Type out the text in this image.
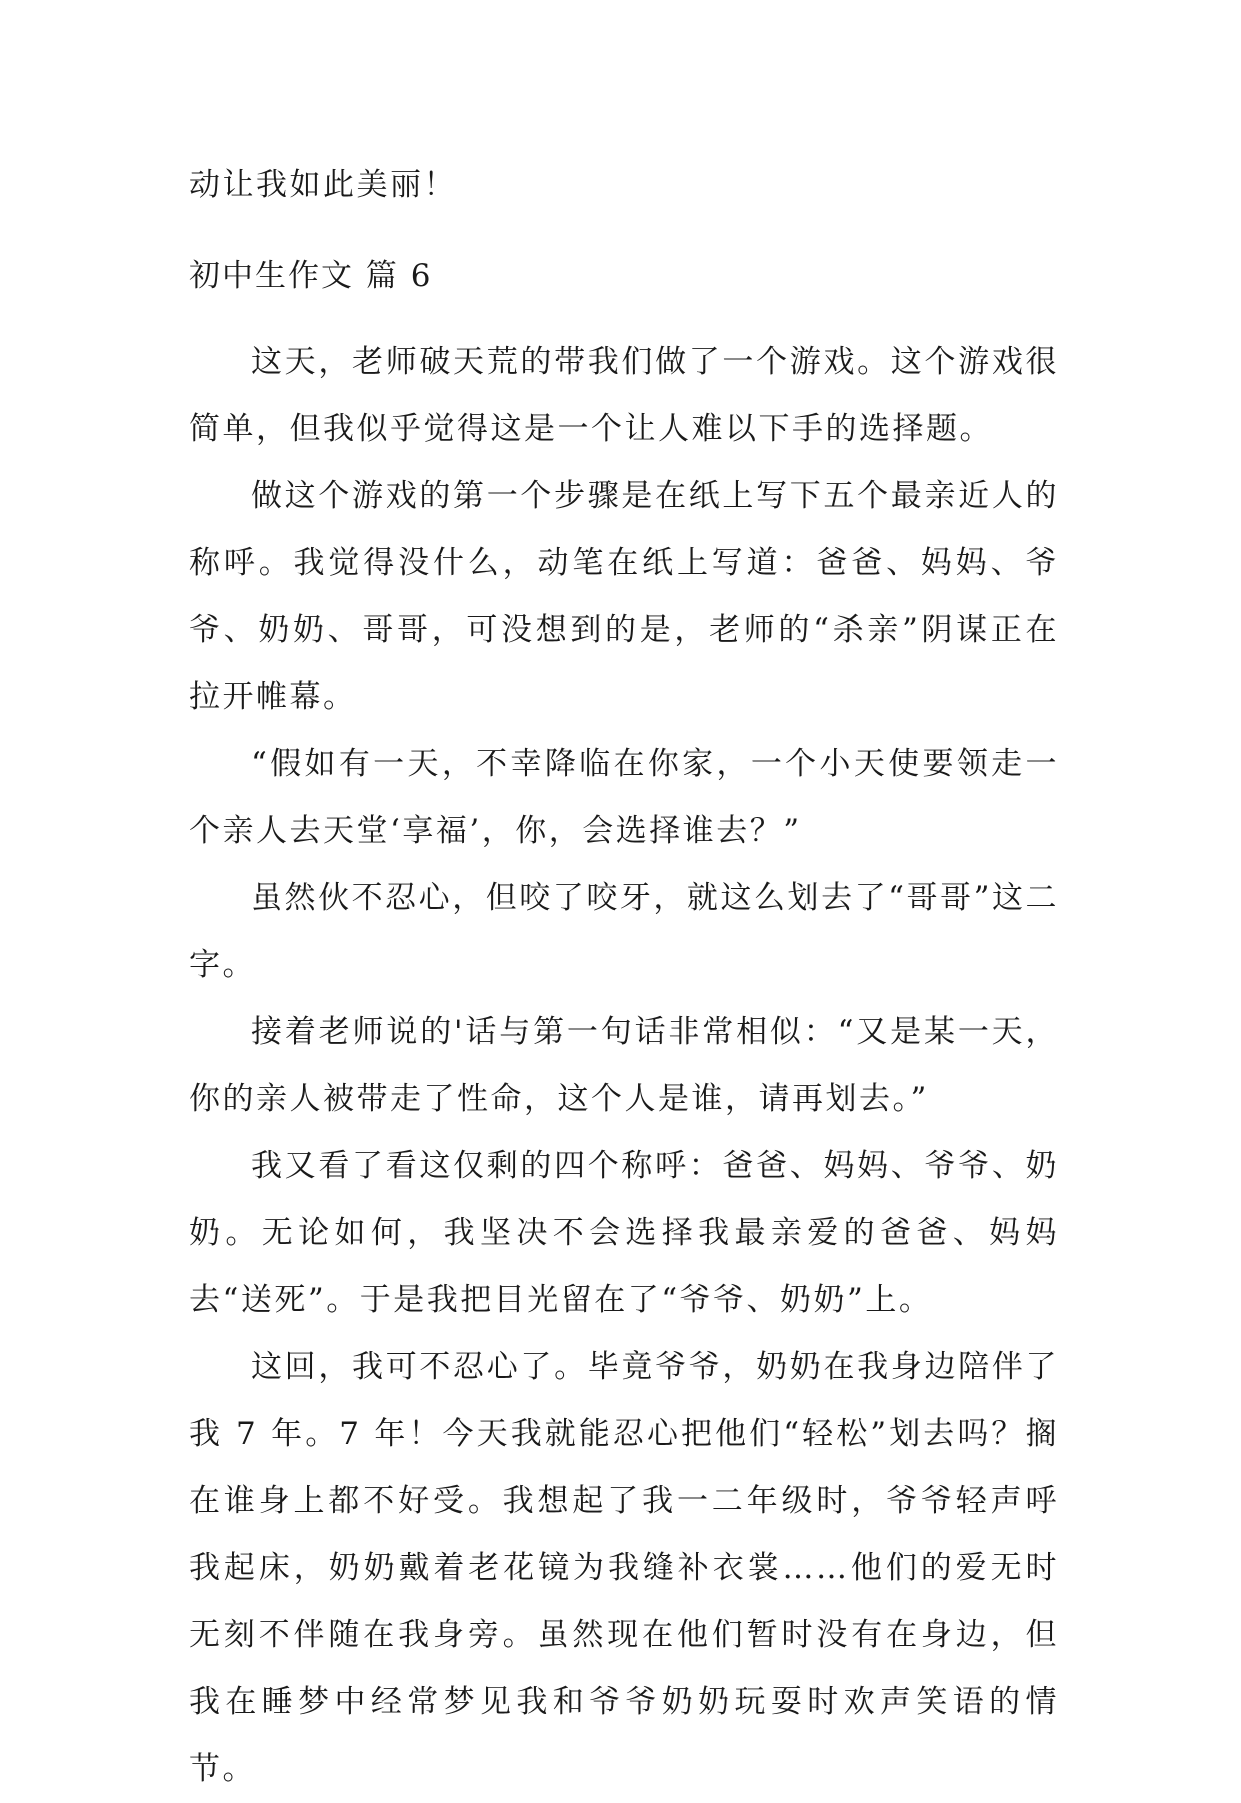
动让我如此美丽！
初中生作文 篇 6

这天，老师破天荒的带我们做了一个游戏。这个游戏很简单，但我似乎觉得这是一个让人难以下手的选择题。

做这个游戏的第一个步骤是在纸上写下五个最亲近人的称呼。我觉得没什么，动笔在纸上写道：爸爸、妈妈、爷爷、奶奶、哥哥，可没想到的是，老师的“杀亲”阴谋正在拉开帷幕。

“假如有一天，不幸降临在你家，一个小天使要领走一个亲人去天堂‘享福’，你，会选择谁去？”

虽然伙不忍心，但咬了咬牙，就这么划去了“哥哥”这二字。

接着老师说的'话与第一句话非常相似：“又是某一天，你的亲人被带走了性命，这个人是谁，请再划去。”

我又看了看这仅剩的四个称呼：爸爸、妈妈、爷爷、奶奶。无论如何，我坚决不会选择我最亲爱的爸爸、妈妈去“送死”。于是我把目光留在了“爷爷、奶奶”上。

这回，我可不忍心了。毕竟爷爷，奶奶在我身边陪伴了我 7 年。7 年！今天我就能忍心把他们“轻松”划去吗？搁在谁身上都不好受。我想起了我一二年级时，爷爷轻声呼我起床，奶奶戴着老花镜为我缝补衣裳……他们的爱无时无刻不伴随在我身旁。虽然现在他们暂时没有在身边，但我在睡梦中经常梦见我和爷爷奶奶玩耍时欢声笑语的情节。
